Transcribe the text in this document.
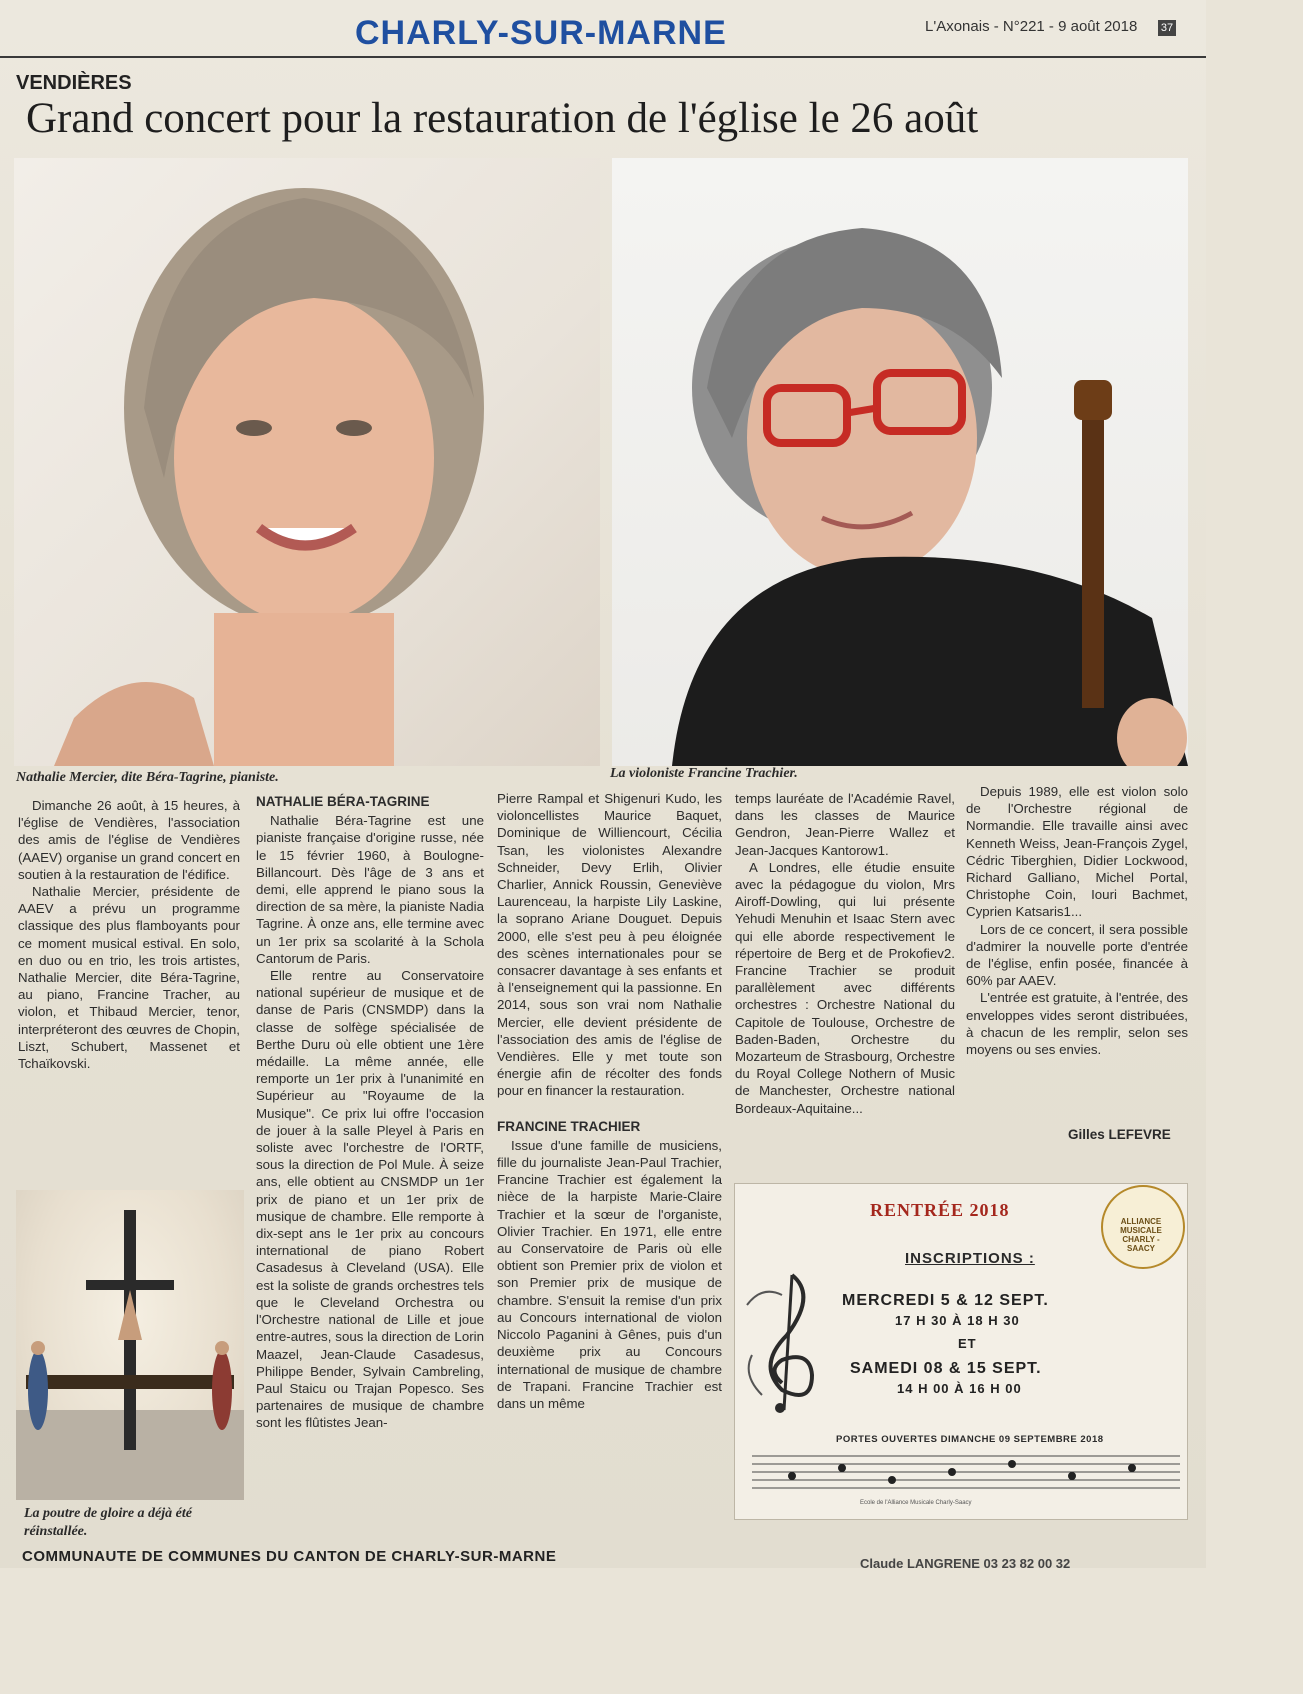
CHARLY-SUR-MARNE	L'Axonais - N°221 - 9 août 2018 37
VENDIÈRES
Grand concert pour la restauration de l'église le 26 août
Nathalie Mercier, dite Béra-Tagrine, pianiste.	La violoniste Francine Trachier.

Dimanche 26 août, à 15 heures, à l'église de Vendières, l'association des amis de l'église de Vendières (AAEV) organise un grand concert en soutien à la restauration de l'édifice.

Nathalie Mercier, présidente de AAEV a prévu un programme classique des plus flamboyants pour ce moment musical estival. En solo, en duo ou en trio, les trois artistes, Nathalie Mercier, dite Béra-Tagrine, au piano, Francine Tracher, au violon, et Thibaud Mercier, tenor, interpréteront des œuvres de Chopin, Liszt, Schubert, Massenet et Tchaïkovski.

La poutre de gloire a déjà été
réinstallée.

NATHALIE BÉRA-TAGRINE

Nathalie Béra-Tagrine est une pianiste française d'origine russe, née le 15 février 1960, à Boulogne-Billancourt. Dès l'âge de 3 ans et demi, elle apprend le piano sous la direction de sa mère, la pianiste Nadia Tagrine. À onze ans, elle termine avec un 1er prix sa scolarité à la Schola Cantorum de Paris.

Elle rentre au Conservatoire national supérieur de musique et de danse de Paris (CNSMDP) dans la classe de solfège spécialisée de Berthe Duru où elle obtient une 1ère médaille. La même année, elle remporte un 1er prix à l'unanimité en Supérieur au "Royaume de la Musique". Ce prix lui offre l'occasion de jouer à la salle Pleyel à Paris en soliste avec l'orchestre de l'ORTF, sous la direction de Pol Mule. À seize ans, elle obtient au CNSMDP un 1er prix de piano et un 1er prix de musique de chambre. Elle remporte à dix-sept ans le 1er prix au concours international de piano Robert Casadesus à Cleveland (USA). Elle est la soliste de grands orchestres tels que le Cleveland Orchestra ou l'Orchestre national de Lille et joue entre-autres, sous la direction de Lorin Maazel, Jean-Claude Casadesus, Philippe Bender, Sylvain Cambreling, Paul Staicu ou Trajan Popesco. Ses partenaires de musique de chambre sont les flûtistes Jean-

Pierre Rampal et Shigenuri Kudo, les violoncellistes Maurice Baquet, Dominique de Williencourt, Cécilia Tsan, les violonistes Alexandre Schneider, Devy Erlih, Olivier Charlier, Annick Roussin, Geneviève Laurenceau, la harpiste Lily Laskine, la soprano Ariane Douguet. Depuis 2000, elle s'est peu à peu éloignée des scènes internationales pour se consacrer davantage à ses enfants et à l'enseignement qui la passionne. En 2014, sous son vrai nom Nathalie Mercier, elle devient présidente de l'association des amis de l'église de Vendières. Elle y met toute son énergie afin de récolter des fonds pour en financer la restauration.

FRANCINE TRACHIER

Issue d'une famille de musiciens, fille du journaliste Jean-Paul Trachier, Francine Trachier est également la nièce de la harpiste Marie-Claire Trachier et la sœur de l'organiste, Olivier Trachier. En 1971, elle entre au Conservatoire de Paris où elle obtient son Premier prix de violon et son Premier prix de musique de chambre. S'ensuit la remise d'un prix au Concours international de violon Niccolo Paganini à Gênes, puis d'un deuxième prix au Concours international de musique de chambre de Trapani. Francine Trachier est dans un même

temps lauréate de l'Académie Ravel, dans les classes de Maurice Gendron, Jean-Pierre Wallez et Jean-Jacques Kantorow1.

A Londres, elle étudie ensuite avec la pédagogue du violon, Mrs Airoff-Dowling, qui lui présente Yehudi Menuhin et Isaac Stern avec qui elle aborde respectivement le répertoire de Berg et de Prokofiev2. Francine Trachier se produit parallèlement avec différents orchestres : Orchestre National du Capitole de Toulouse, Orchestre de Baden-Baden, Orchestre du Mozarteum de Strasbourg, Orchestre du Royal College Nothern of Music de Manchester, Orchestre national Bordeaux-Aquitaine...

Depuis 1989, elle est violon solo de l'Orchestre régional de Normandie. Elle travaille ainsi avec Kenneth Weiss, Jean-François Zygel, Cédric Tiberghien, Didier Lockwood, Richard Galliano, Michel Portal, Christophe Coin, Iouri Bachmet, Cyprien Katsaris1...

Lors de ce concert, il sera possible d'admirer la nouvelle porte d'entrée de l'église, enfin posée, financée à 60% par AAEV.

L'entrée est gratuite, à l'entrée, des enveloppes vides seront distribuées, à chacun de les remplir, selon ses moyens ou ses envies.

Gilles LEFEVRE
RENTRÉE 2018
ALLIANCE MUSICALE CHARLY - SAACY
INSCRIPTIONS :
MERCREDI 5 & 12 SEPT.
17 H 30 À 18 H 30
ET
SAMEDI 08 & 15 SEPT.
14 H 00 À 16 H 00
PORTES OUVERTES DIMANCHE 09 SEPTEMBRE 2018
Ecole de l'Alliance Musicale Charly-Saacy
COMMUNAUTE DE COMMUNES DU CANTON DE CHARLY-SUR-MARNE	Claude LANGRENE 03 23 82 00 32
